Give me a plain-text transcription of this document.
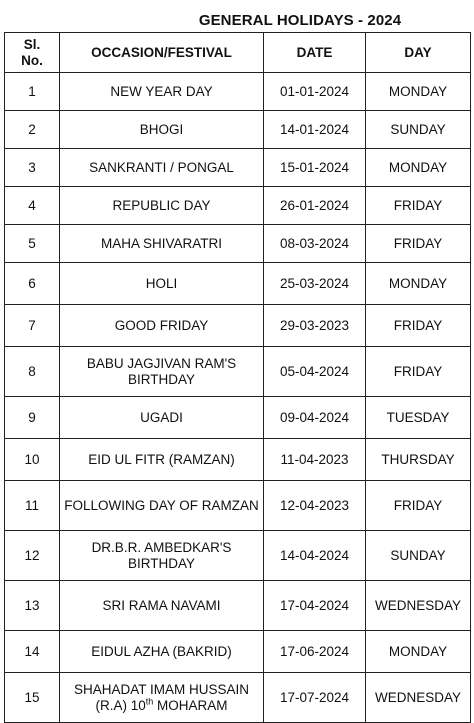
GENERAL HOLIDAYS - 2024
Sl.
No.	OCCASION/FESTIVAL	DATE	DAY
1	NEW YEAR DAY	01-01-2024	MONDAY
2	BHOGI	14-01-2024	SUNDAY
3	SANKRANTI / PONGAL	15-01-2024	MONDAY
4	REPUBLIC DAY	26-01-2024	FRIDAY
5	MAHA SHIVARATRI	08-03-2024	FRIDAY
6	HOLI	25-03-2024	MONDAY
7	GOOD FRIDAY	29-03-2023	FRIDAY
8	BABU JAGJIVAN RAM'S BIRTHDAY	05-04-2024	FRIDAY
9	UGADI	09-04-2024	TUESDAY
10	EID UL FITR (RAMZAN)	11-04-2023	THURSDAY
11	FOLLOWING DAY OF RAMZAN	12-04-2023	FRIDAY
12	DR.B.R. AMBEDKAR'S BIRTHDAY	14-04-2024	SUNDAY
13	SRI RAMA NAVAMI	17-04-2024	WEDNESDAY
14	EIDUL AZHA (BAKRID)	17-06-2024	MONDAY
15	SHAHADAT IMAM HUSSAIN (R.A) 10th MOHARAM	17-07-2024	WEDNESDAY
